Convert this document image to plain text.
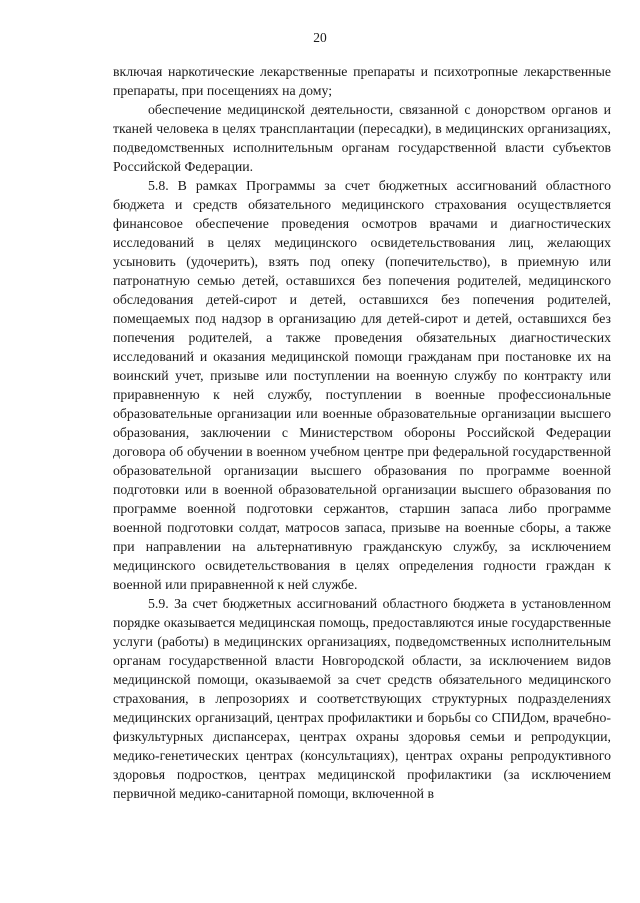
20

включая наркотические лекарственные препараты и психотропные лекарственные препараты, при посещениях на дому;

обеспечение медицинской деятельности, связанной с донорством органов и тканей человека в целях трансплантации (пересадки), в медицинских организациях, подведомственных исполнительным органам государственной власти субъектов Российской Федерации.

5.8. В рамках Программы за счет бюджетных ассигнований областного бюджета и средств обязательного медицинского страхования осуществляется финансовое обеспечение проведения осмотров врачами и диагностических исследований в целях медицинского освидетельствования лиц, желающих усыновить (удочерить), взять под опеку (попечительство), в приемную или патронатную семью детей, оставшихся без попечения родителей, медицинского обследования детей-сирот и детей, оставшихся без попечения родителей, помещаемых под надзор в организацию для детей-сирот и детей, оставшихся без попечения родителей, а также проведения обязательных диагностических исследований и оказания медицинской помощи гражданам при постановке их на воинский учет, призыве или поступлении на военную службу по контракту или приравненную к ней службу, поступлении в военные профессиональные образовательные организации или военные образовательные организации высшего образования, заключении с Министерством обороны Российской Федерации договора об обучении в военном учебном центре при федеральной государственной образовательной организации высшего образования по программе военной подготовки или в военной образовательной организации высшего образования по программе военной подготовки сержантов, старшин запаса либо программе военной подготовки солдат, матросов запаса, призыве на военные сборы, а также при направлении на альтернативную гражданскую службу, за исключением медицинского освидетельствования в целях определения годности граждан к военной или приравненной к ней службе.

5.9. За счет бюджетных ассигнований областного бюджета в установленном порядке оказывается медицинская помощь, предоставляются иные государственные услуги (работы) в медицинских организациях, подведомственных исполнительным органам государственной власти Новгородской области, за исключением видов медицинской помощи, оказываемой за счет средств обязательного медицинского страхования, в лепрозориях и соответствующих структурных подразделениях медицинских организаций, центрах профилактики и борьбы со СПИДом, врачебно-физкультурных диспансерах, центрах охраны здоровья семьи и репродукции, медико-генетических центрах (консультациях), центрах охраны репродуктивного здоровья подростков, центрах медицинской профилактики (за исключением первичной медико-санитарной помощи, включенной в
